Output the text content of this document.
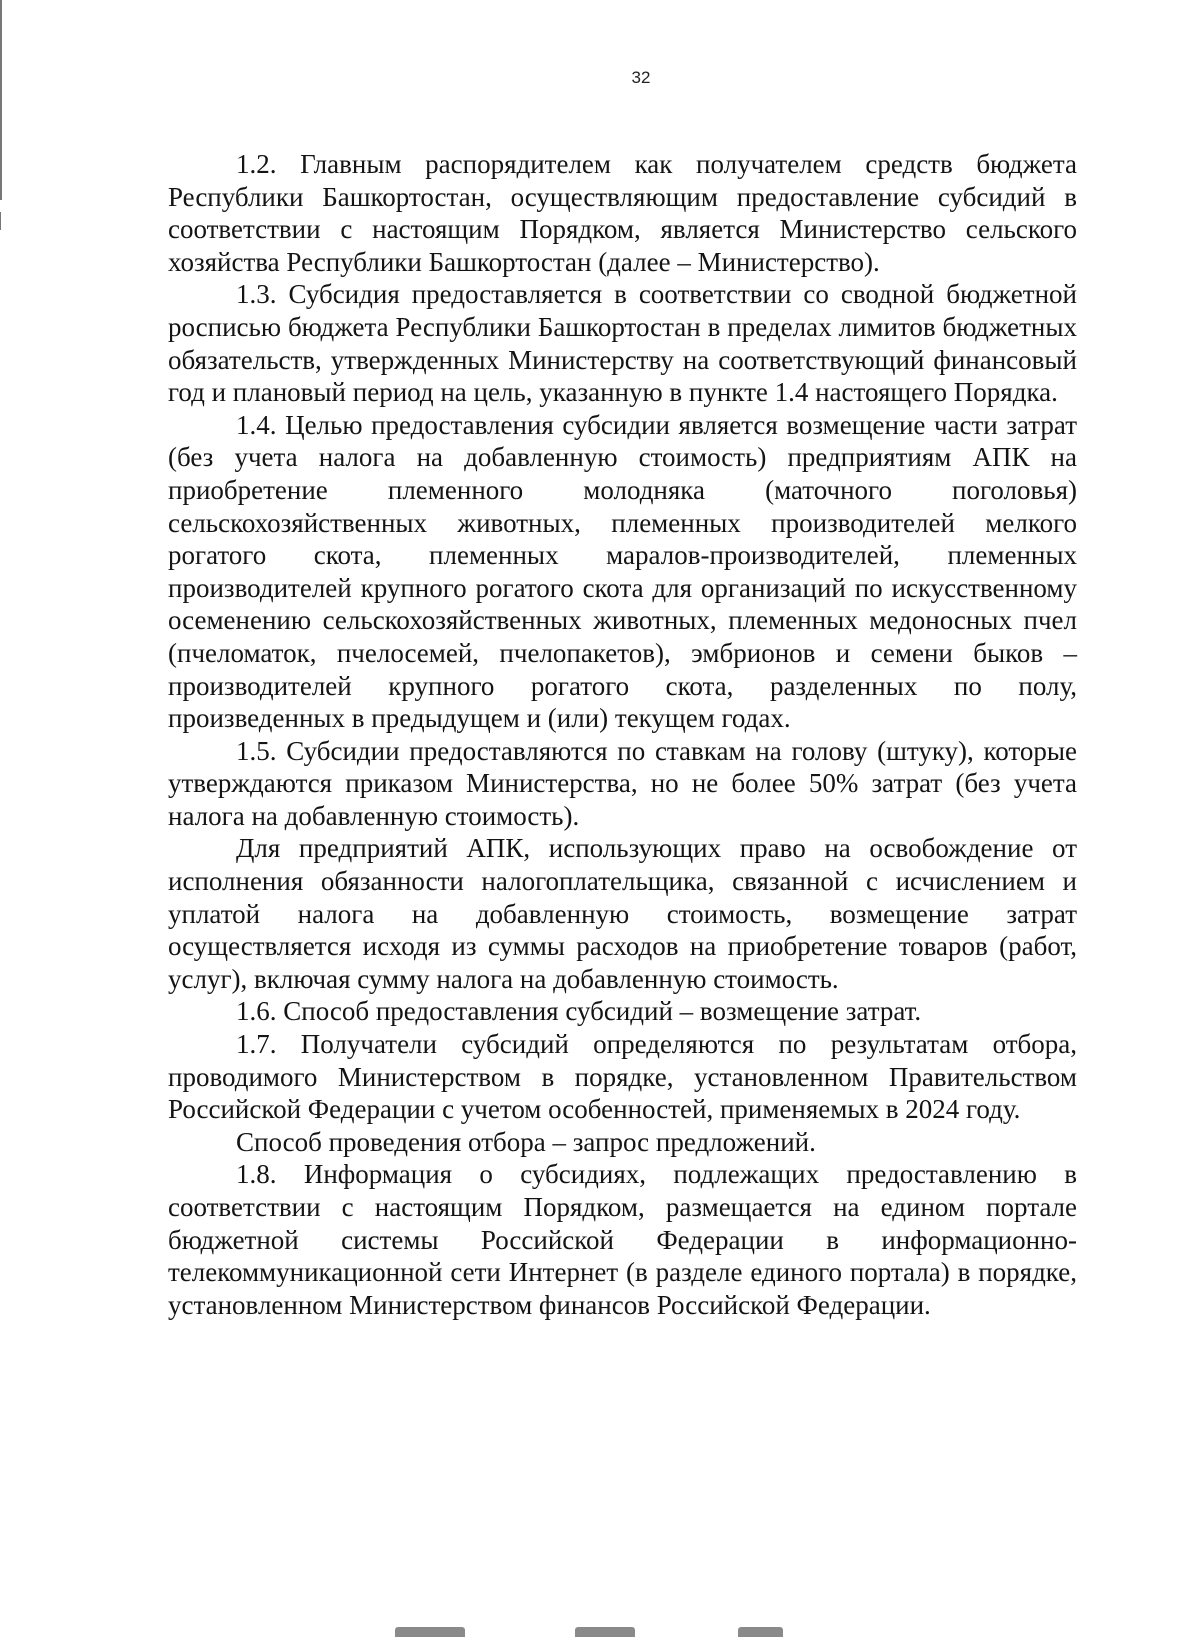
32

1.2. Главным распорядителем как получателем средств бюджета Республики Башкортостан, осуществляющим предоставление субсидий в соответствии с настоящим Порядком, является Министерство сельского хозяйства Республики Башкортостан (далее – Министерство).

1.3. Субсидия предоставляется в соответствии со сводной бюджетной росписью бюджета Республики Башкортостан в пределах лимитов бюджетных обязательств, утвержденных Министерству на соответствующий финансовый год и плановый период на цель, указанную в пункте 1.4 настоящего Порядка.

1.4. Целью предоставления субсидии является возмещение части затрат (без учета налога на добавленную стоимость) предприятиям АПК на приобретение племенного молодняка (маточного поголовья) сельскохозяйственных животных, племенных производителей мелкого рогатого скота, племенных маралов-производителей, племенных производителей крупного рогатого скота для организаций по искусственному осеменению сельскохозяйственных животных, племенных медоносных пчел (пчеломаток, пчелосемей, пчелопакетов), эмбрионов и семени быков – производителей крупного рогатого скота, разделенных по полу, произведенных в предыдущем и (или) текущем годах.

1.5. Субсидии предоставляются по ставкам на голову (штуку), которые утверждаются приказом Министерства, но не более 50% затрат (без учета налога на добавленную стоимость).

Для предприятий АПК, использующих право на освобождение от исполнения обязанности налогоплательщика, связанной с исчислением и уплатой налога на добавленную стоимость, возмещение затрат осуществляется исходя из суммы расходов на приобретение товаров (работ, услуг), включая сумму налога на добавленную стоимость.

1.6. Способ предоставления субсидий – возмещение затрат.

1.7. Получатели субсидий определяются по результатам отбора, проводимого Министерством в порядке, установленном Правительством Российской Федерации с учетом особенностей, применяемых в 2024 году.

Способ проведения отбора – запрос предложений.

1.8. Информация о субсидиях, подлежащих предоставлению в соответствии с настоящим Порядком, размещается на едином портале бюджетной системы Российской Федерации в информационно-телекоммуникационной сети Интернет (в разделе единого портала) в порядке, установленном Министерством финансов Российской Федерации.
